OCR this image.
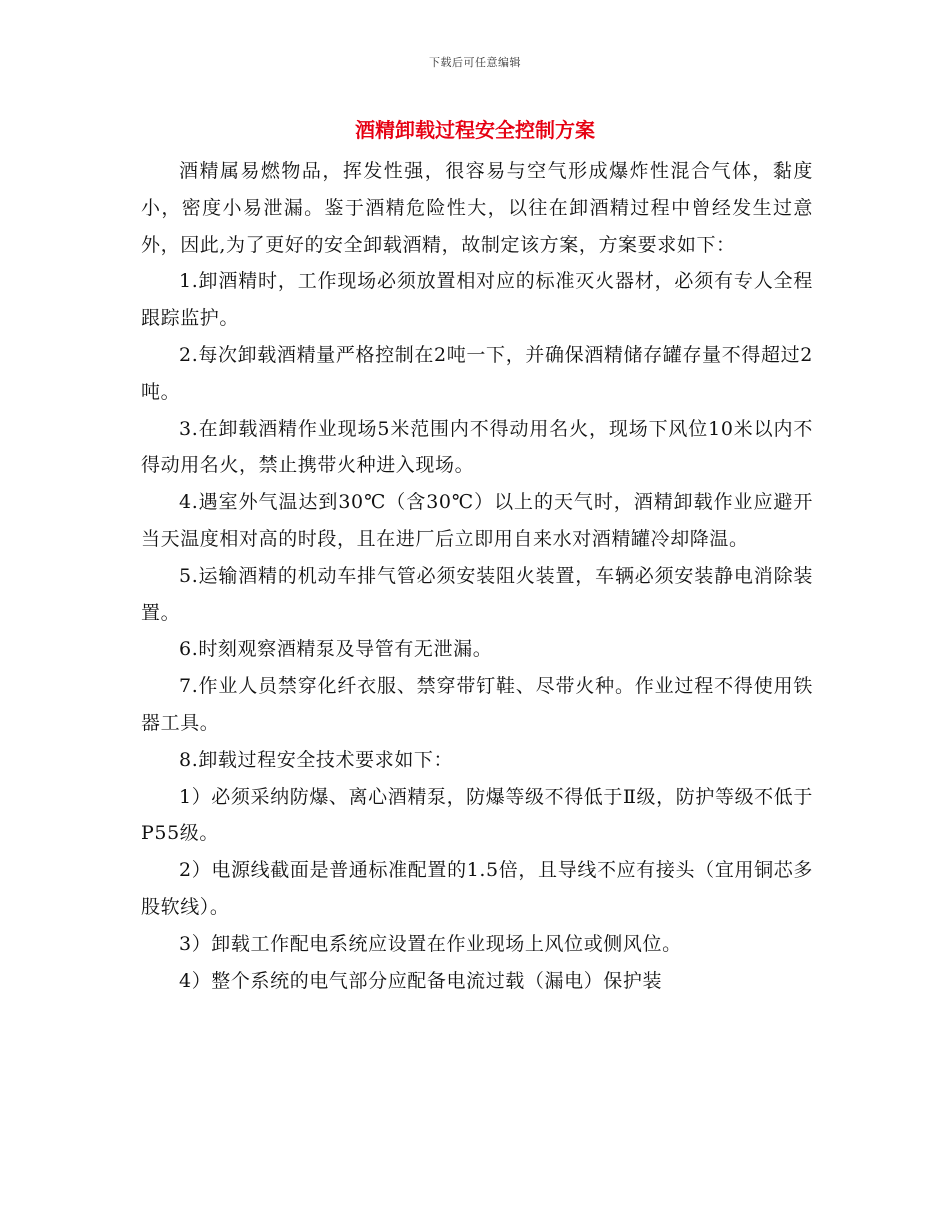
下载后可任意编辑
酒精卸载过程安全控制方案

酒精属易燃物品，挥发性强，很容易与空气形成爆炸性混合气体，黏度小，密度小易泄漏。鉴于酒精危险性大，以往在卸酒精过程中曾经发生过意外，因此,为了更好的安全卸载酒精，故制定该方案，方案要求如下：

1.卸酒精时，工作现场必须放置相对应的标准灭火器材，必须有专人全程跟踪监护。

2.每次卸载酒精量严格控制在2吨一下，并确保酒精储存罐存量不得超过2吨。

3.在卸载酒精作业现场5米范围内不得动用名火，现场下风位10米以内不得动用名火，禁止携带火种进入现场。

4.遇室外气温达到30℃（含30℃）以上的天气时，酒精卸载作业应避开当天温度相对高的时段，且在进厂后立即用自来水对酒精罐冷却降温。

5.运输酒精的机动车排气管必须安装阻火装置，车辆必须安装静电消除装置。

6.时刻观察酒精泵及导管有无泄漏。

7.作业人员禁穿化纤衣服、禁穿带钉鞋、尽带火种。作业过程不得使用铁器工具。

8.卸载过程安全技术要求如下：

1）必须采纳防爆、离心酒精泵，防爆等级不得低于Ⅱ级，防护等级不低于P55级。

2）电源线截面是普通标准配置的1.5倍，且导线不应有接头（宜用铜芯多股软线）。

3）卸载工作配电系统应设置在作业现场上风位或侧风位。

4）整个系统的电气部分应配备电流过载（漏电）保护装
